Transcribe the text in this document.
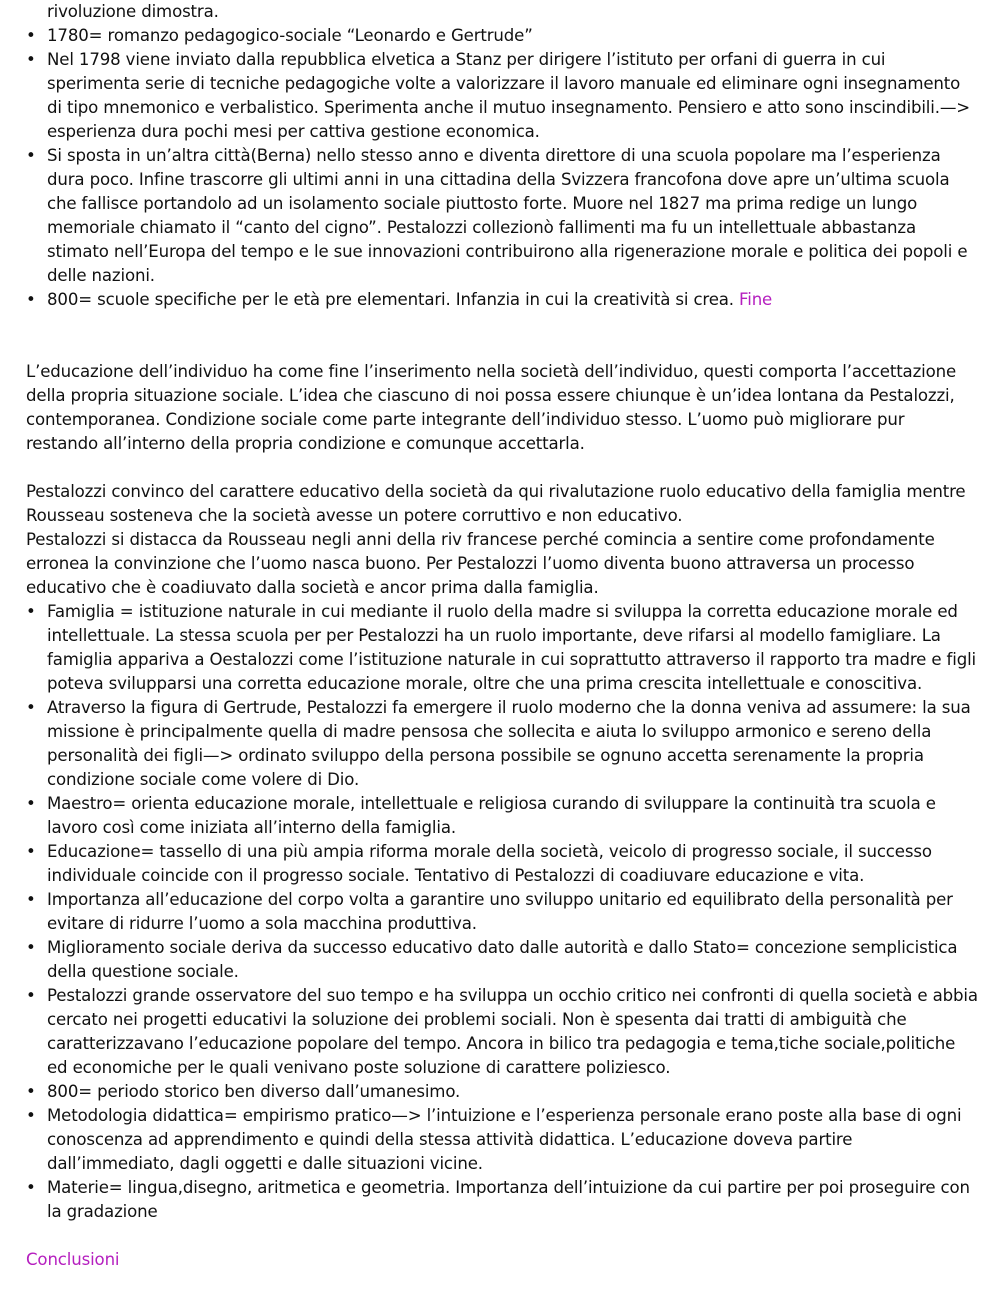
rivoluzione dimostra.
• 1780= romanzo pedagogico-sociale “Leonardo e Gertrude”
• Nel 1798 viene inviato dalla repubblica elvetica a Stanz per dirigere l’istituto per orfani di guerra in cui sperimenta serie di tecniche pedagogiche volte a valorizzare il lavoro manuale ed eliminare ogni insegnamento di tipo mnemonico e verbalistico. Sperimenta anche il mutuo insegnamento. Pensiero e atto sono inscindibili.—> esperienza dura pochi mesi per cattiva gestione economica.
• Si sposta in un’altra città(Berna) nello stesso anno e diventa direttore di una scuola popolare ma l’esperienza dura poco. Infine trascorre gli ultimi anni in una cittadina della Svizzera francofona dove apre un’ultima scuola che fallisce portandolo ad un isolamento sociale piuttosto forte. Muore nel 1827 ma prima redige un lungo memoriale chiamato il “canto del cigno”. Pestalozzi collezionò fallimenti ma fu un intellettuale abbastanza stimato nell’Europa del tempo e le sue innovazioni contribuirono alla rigenerazione morale e politica dei popoli e delle nazioni.
• 800= scuole specifiche per le età pre elementari. Infanzia in cui la creatività si crea. Fine

L’educazione dell’individuo ha come fine l’inserimento nella società dell’individuo, questi comporta l’accettazione della propria situazione sociale. L’idea che ciascuno di noi possa essere chiunque è un’idea lontana da Pestalozzi, contemporanea. Condizione sociale come parte integrante dell’individuo stesso. L’uomo può migliorare pur restando all’interno della propria condizione e comunque accettarla.

Pestalozzi convinco del carattere educativo della società da qui rivalutazione ruolo educativo della famiglia mentre Rousseau sosteneva che la società avesse un potere corruttivo e non educativo.

Pestalozzi si distacca da Rousseau negli anni della riv francese perché comincia a sentire come profondamente erronea la convinzione che l’uomo nasca buono. Per Pestalozzi l’uomo diventa buono attraversa un processo educativo che è coadiuvato dalla società e ancor prima dalla famiglia.

• Famiglia = istituzione naturale in cui mediante il ruolo della madre si sviluppa la corretta educazione morale ed intellettuale. La stessa scuola per per Pestalozzi ha un ruolo importante, deve rifarsi al modello famigliare. La famiglia appariva a Oestalozzi come l’istituzione naturale in cui soprattutto attraverso il rapporto tra madre e figli poteva svilupparsi una corretta educazione morale, oltre che una prima crescita intellettuale e conoscitiva.
• Atraverso la figura di Gertrude, Pestalozzi fa emergere il ruolo moderno che la donna veniva ad assumere: la sua missione è principalmente quella di madre pensosa che sollecita e aiuta lo sviluppo armonico e sereno della personalità dei figli—> ordinato sviluppo della persona possibile se ognuno accetta serenamente la propria condizione sociale come volere di Dio.
• Maestro= orienta educazione morale, intellettuale e religiosa curando di sviluppare la continuità tra scuola e lavoro così come iniziata all’interno della famiglia.
• Educazione= tassello di una più ampia riforma morale della società, veicolo di progresso sociale, il successo individuale coincide con il progresso sociale. Tentativo di Pestalozzi di coadiuvare educazione e vita.
• Importanza all’educazione del corpo volta a garantire uno sviluppo unitario ed equilibrato della personalità per evitare di ridurre l’uomo a sola macchina produttiva.
• Miglioramento sociale deriva da successo educativo dato dalle autorità e dallo Stato= concezione semplicistica della questione sociale.
• Pestalozzi grande osservatore del suo tempo e ha sviluppa un occhio critico nei confronti di quella società e abbia cercato nei progetti educativi la soluzione dei problemi sociali. Non è spesenta dai tratti di ambiguità che caratterizzavano l’educazione popolare del tempo. Ancora in bilico tra pedagogia e tema,tiche sociale,politiche ed economiche per le quali venivano poste soluzione di carattere poliziesco.
• 800= periodo storico ben diverso dall’umanesimo.
• Metodologia didattica= empirismo pratico—> l’intuizione e l’esperienza personale erano poste alla base di ogni conoscenza ad apprendimento e quindi della stessa attività didattica. L’educazione doveva partire dall’immediato, dagli oggetti e dalle situazioni vicine.
• Materie= lingua,disegno, aritmetica e geometria. Importanza dell’intuizione da cui partire per poi proseguire con la gradazione
Conclusioni
